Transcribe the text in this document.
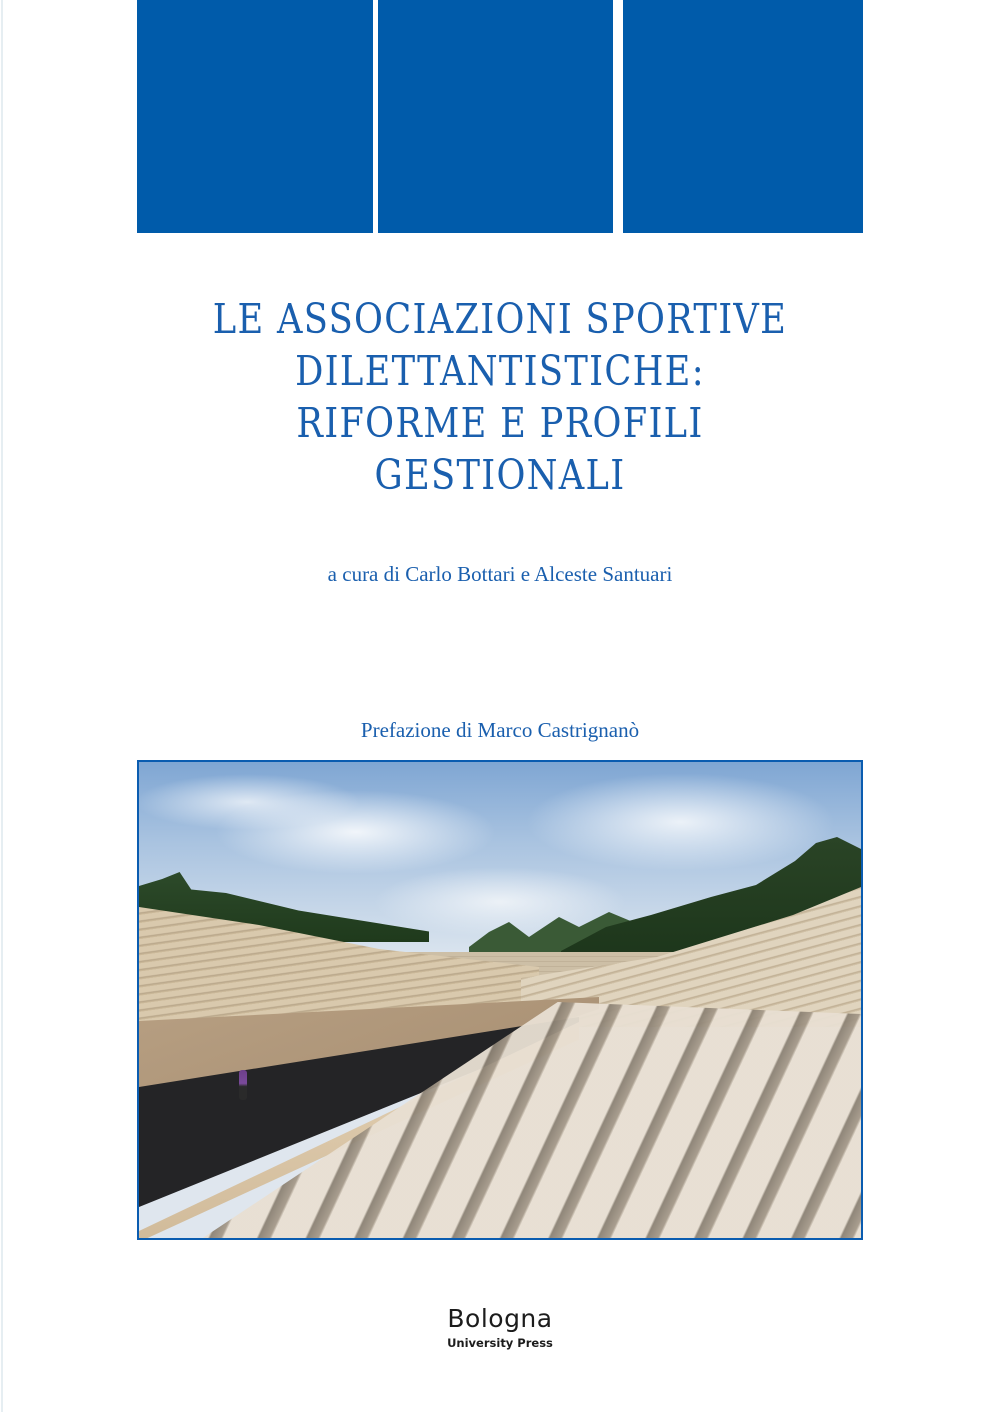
LE ASSOCIAZIONI SPORTIVE
DILETTANTISTICHE:
RIFORME E PROFILI
GESTIONALI
a cura di Carlo Bottari e Alceste Santuari
Prefazione di Marco Castrignanò
Bologna
University Press
